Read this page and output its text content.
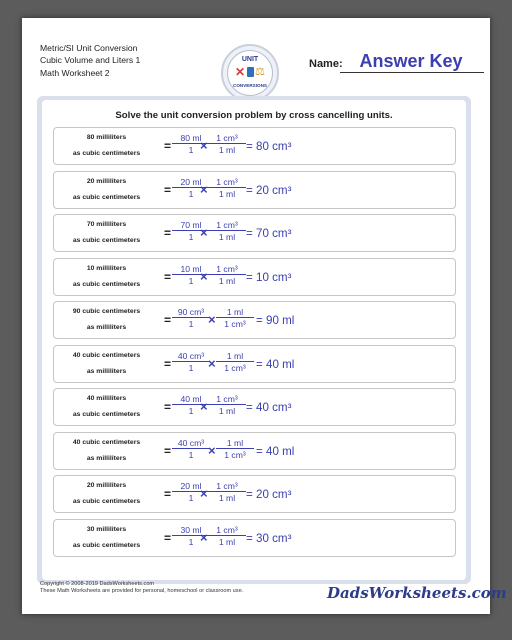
Metric/SI Unit Conversion
Cubic Volume and Liters 1
Math Worksheet 2
UNIT
✕ ⚖
CONVERSIONS
Name: Answer Key
Solve the unit conversion problem by cross cancelling units.
80 milliliters
as cubic centimeters
= $\frac{80 ml}{1}$
× $\frac{\text{1 cm³}}{1 ml} = 80$ cm³
20 milliliters
as cubic centimeters
= $\frac{20 ml}{1}$
× $\frac{\text{1 cm³}}{1 ml} = 20$ cm³
70 milliliters
as cubic centimeters
= $\frac{70 ml}{1}$
× $\frac{\text{1 cm³}}{1 ml} = 70$ cm³
10 milliliters
as cubic centimeters
= $\frac{10 ml}{1}$
× $\frac{\text{1 cm³}}{1 ml} = 10$ cm³
90 cubic centimeters
as milliliters
= $\frac{\text{90 cm³}}{1}$
× $\frac{1 ml}{\text{1 cm³}} = 90$ ml
40 cubic centimeters
as milliliters
= $\frac{\text{40 cm³}}{1}$
× $\frac{1 ml}{\text{1 cm³}} = 40$ ml
40 milliliters
as cubic centimeters
= $\frac{40 ml}{1}$
× $\frac{\text{1 cm³}}{1 ml} = 40$ cm³
40 cubic centimeters
as milliliters
= $\frac{\text{40 cm³}}{1}$
× $\frac{1 ml}{\text{1 cm³}} = 40$ ml
20 milliliters
as cubic centimeters
= $\frac{20 ml}{1}$
× $\frac{\text{1 cm³}}{1 ml} = 20$ cm³
30 milliliters
as cubic centimeters
= $\frac{30 ml}{1}$
× $\frac{\text{1 cm³}}{1 ml} = 30$ cm³
Copyright © 2008-2019 DadsWorksheets.com
These Math Worksheets are provided for personal, homeschool or classroom use.	DadsWorksheets.com
